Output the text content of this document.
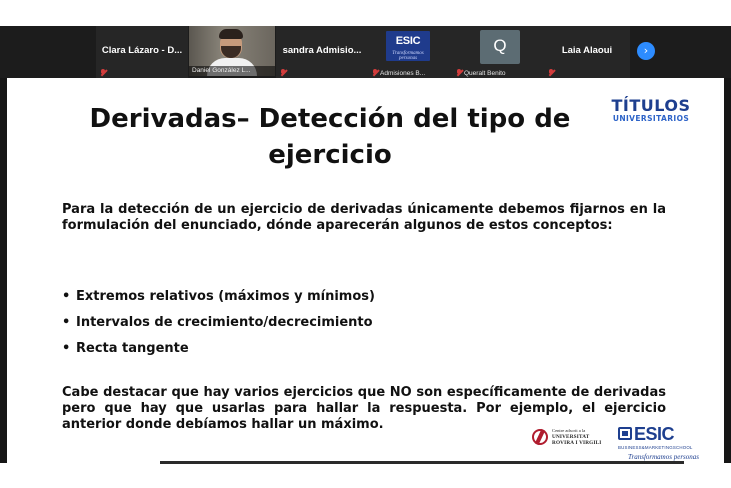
Clara Lázaro - D...	sandra Admisio...
Admisiones B...	Queralt Benito
Laia Alaoui
Daniel González L...
ESIC
Transformamos personas
Q	›
Derivadas– Detección del tipo de ejercicio
TÍTULOS
UNIVERSITARIOS

Para la detección de un ejercicio de derivadas únicamente debemos fijarnos en la formulación del enunciado, dónde aparecerán algunos de estos conceptos:

• Extremos relativos (máximos y mínimos)
• Intervalos de crecimiento/decrecimiento
• Recta tangente

Cabe destacar que hay varios ejercicios que NO son específicamente de derivadas pero que hay que usarlas para hallar la respuesta. Por ejemplo, el ejercicio anterior donde debíamos hallar un máximo.	Centre adscrit a la
UNIVERSITAT
ROVIRA I VIRGILI	ESIC
BUSINESS&MARKETINGSCHOOL
Transformamos personas
